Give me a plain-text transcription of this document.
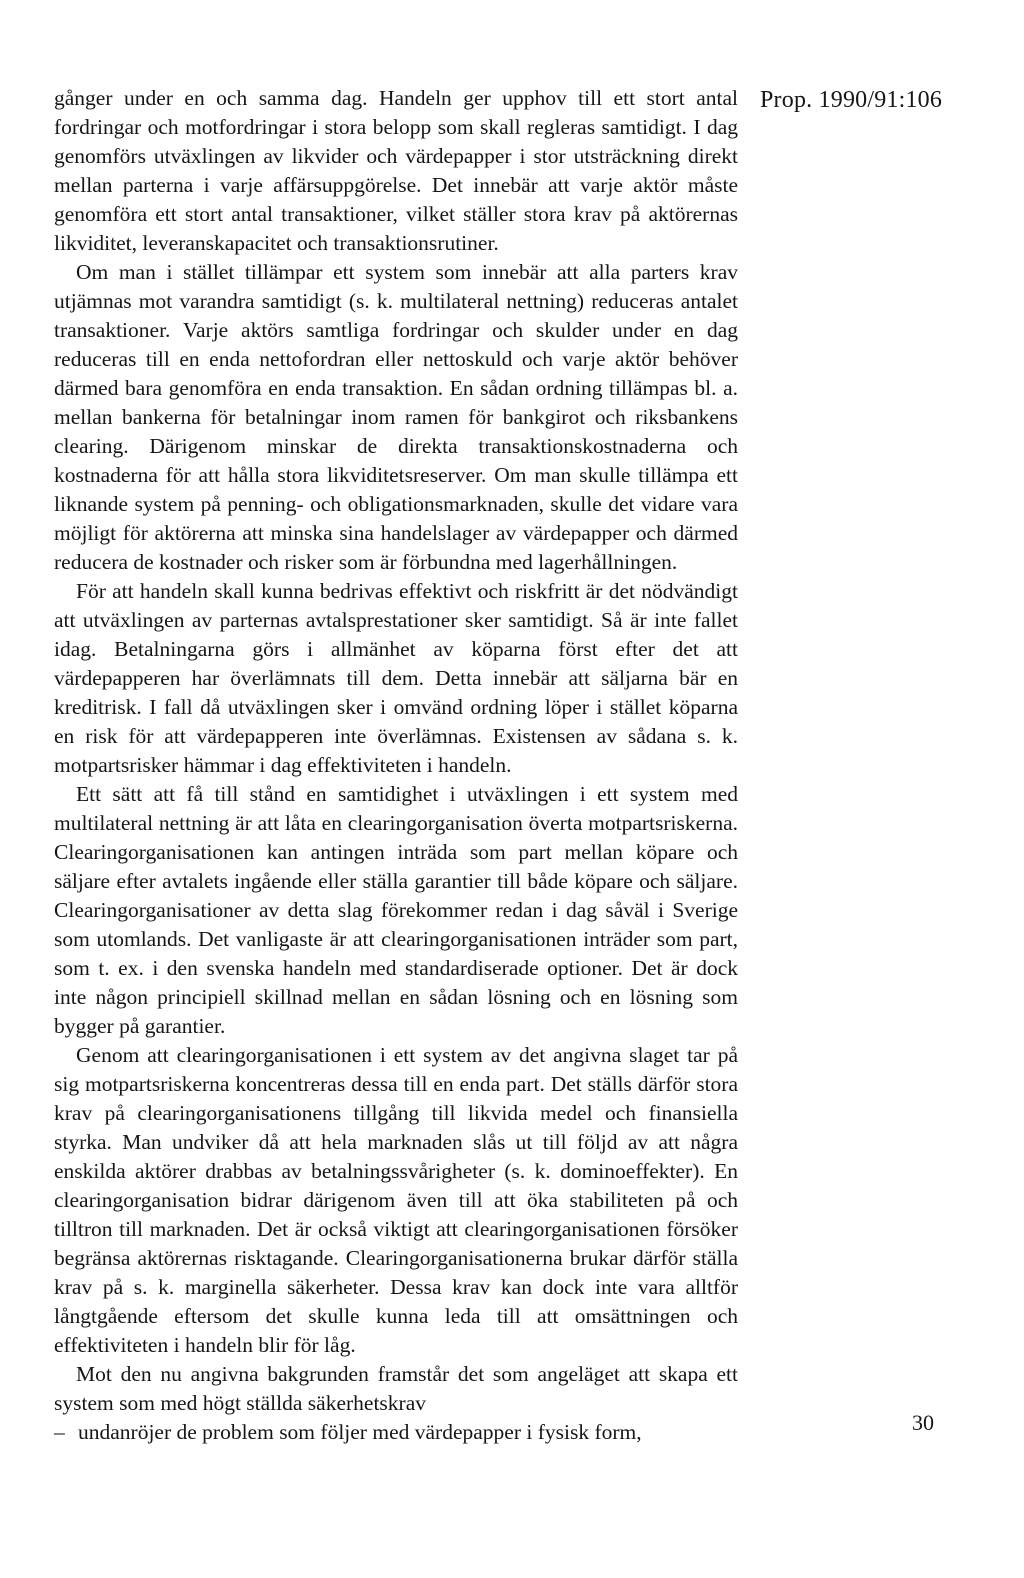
Prop. 1990/91:106

gånger under en och samma dag. Handeln ger upphov till ett stort antal fordringar och motfordringar i stora belopp som skall regleras samtidigt. I dag genomförs utväxlingen av likvider och värdepapper i stor utsträckning direkt mellan parterna i varje affärsuppgörelse. Det innebär att varje aktör måste genomföra ett stort antal transaktioner, vilket ställer stora krav på aktörernas likviditet, leveranskapacitet och transaktionsrutiner.

Om man i stället tillämpar ett system som innebär att alla parters krav utjämnas mot varandra samtidigt (s. k. multilateral nettning) reduceras antalet transaktioner. Varje aktörs samtliga fordringar och skulder under en dag reduceras till en enda nettofordran eller nettoskuld och varje aktör behöver därmed bara genomföra en enda transaktion. En sådan ordning tillämpas bl. a. mellan bankerna för betalningar inom ramen för bankgirot och riksbankens clearing. Därigenom minskar de direkta transaktionskostnaderna och kostnaderna för att hålla stora likviditetsreserver. Om man skulle tillämpa ett liknande system på penning- och obligationsmarknaden, skulle det vidare vara möjligt för aktörerna att minska sina handelslager av värdepapper och därmed reducera de kostnader och risker som är förbundna med lagerhållningen.

För att handeln skall kunna bedrivas effektivt och riskfritt är det nödvändigt att utväxlingen av parternas avtalsprestationer sker samtidigt. Så är inte fallet idag. Betalningarna görs i allmänhet av köparna först efter det att värdepapperen har överlämnats till dem. Detta innebär att säljarna bär en kreditrisk. I fall då utväxlingen sker i omvänd ordning löper i stället köparna en risk för att värdepapperen inte överlämnas. Existensen av sådana s. k. motpartsrisker hämmar i dag effektiviteten i handeln.

Ett sätt att få till stånd en samtidighet i utväxlingen i ett system med multilateral nettning är att låta en clearingorganisation överta motpartsriskerna. Clearingorganisationen kan antingen inträda som part mellan köpare och säljare efter avtalets ingående eller ställa garantier till både köpare och säljare. Clearingorganisationer av detta slag förekommer redan i dag såväl i Sverige som utomlands. Det vanligaste är att clearingorganisationen inträder som part, som t. ex. i den svenska handeln med standardiserade optioner. Det är dock inte någon principiell skillnad mellan en sådan lösning och en lösning som bygger på garantier.

Genom att clearingorganisationen i ett system av det angivna slaget tar på sig motpartsriskerna koncentreras dessa till en enda part. Det ställs därför stora krav på clearingorganisationens tillgång till likvida medel och finansiella styrka. Man undviker då att hela marknaden slås ut till följd av att några enskilda aktörer drabbas av betalningssvårigheter (s. k. dominoeffekter). En clearingorganisation bidrar därigenom även till att öka stabiliteten på och tilltron till marknaden. Det är också viktigt att clearingorganisationen försöker begränsa aktörernas risktagande. Clearingorganisationerna brukar därför ställa krav på s. k. marginella säkerheter. Dessa krav kan dock inte vara alltför långtgående eftersom det skulle kunna leda till att omsättningen och effektiviteten i handeln blir för låg.

Mot den nu angivna bakgrunden framstår det som angeläget att skapa ett system som med högt ställda säkerhetskrav

– undanröjer de problem som följer med värdepapper i fysisk form,	30
